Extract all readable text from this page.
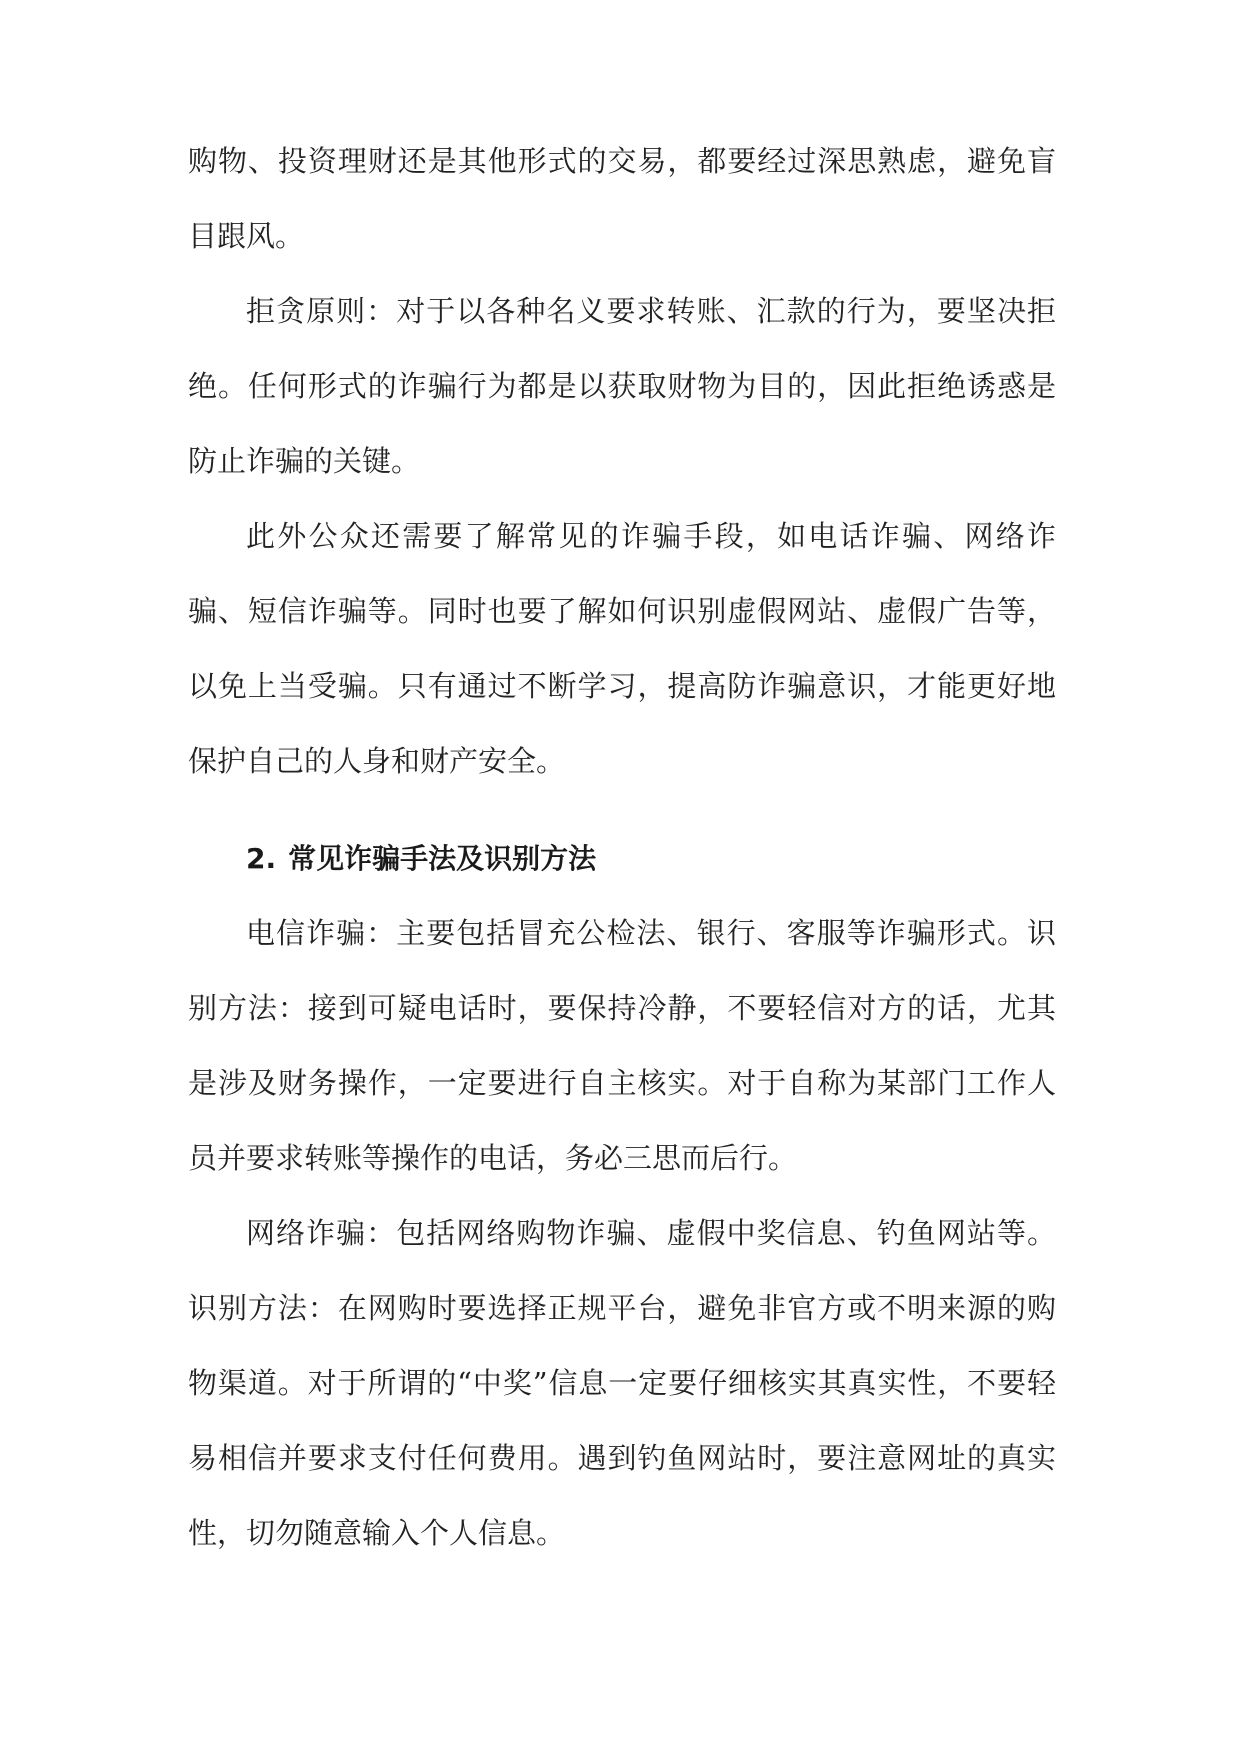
购物、投资理财还是其他形式的交易，都要经过深思熟虑，避免盲目跟风。

拒贪原则：对于以各种名义要求转账、汇款的行为，要坚决拒绝。任何形式的诈骗行为都是以获取财物为目的，因此拒绝诱惑是防止诈骗的关键。

此外公众还需要了解常见的诈骗手段，如电话诈骗、网络诈骗、短信诈骗等。同时也要了解如何识别虚假网站、虚假广告等，以免上当受骗。只有通过不断学习，提高防诈骗意识，才能更好地保护自己的人身和财产安全。

2. 常见诈骗手法及识别方法

电信诈骗：主要包括冒充公检法、银行、客服等诈骗形式。识别方法：接到可疑电话时，要保持冷静，不要轻信对方的话，尤其是涉及财务操作，一定要进行自主核实。对于自称为某部门工作人员并要求转账等操作的电话，务必三思而后行。

网络诈骗：包括网络购物诈骗、虚假中奖信息、钓鱼网站等。识别方法：在网购时要选择正规平台，避免非官方或不明来源的购物渠道。对于所谓的“中奖”信息一定要仔细核实其真实性，不要轻易相信并要求支付任何费用。遇到钓鱼网站时，要注意网址的真实性，切勿随意输入个人信息。
